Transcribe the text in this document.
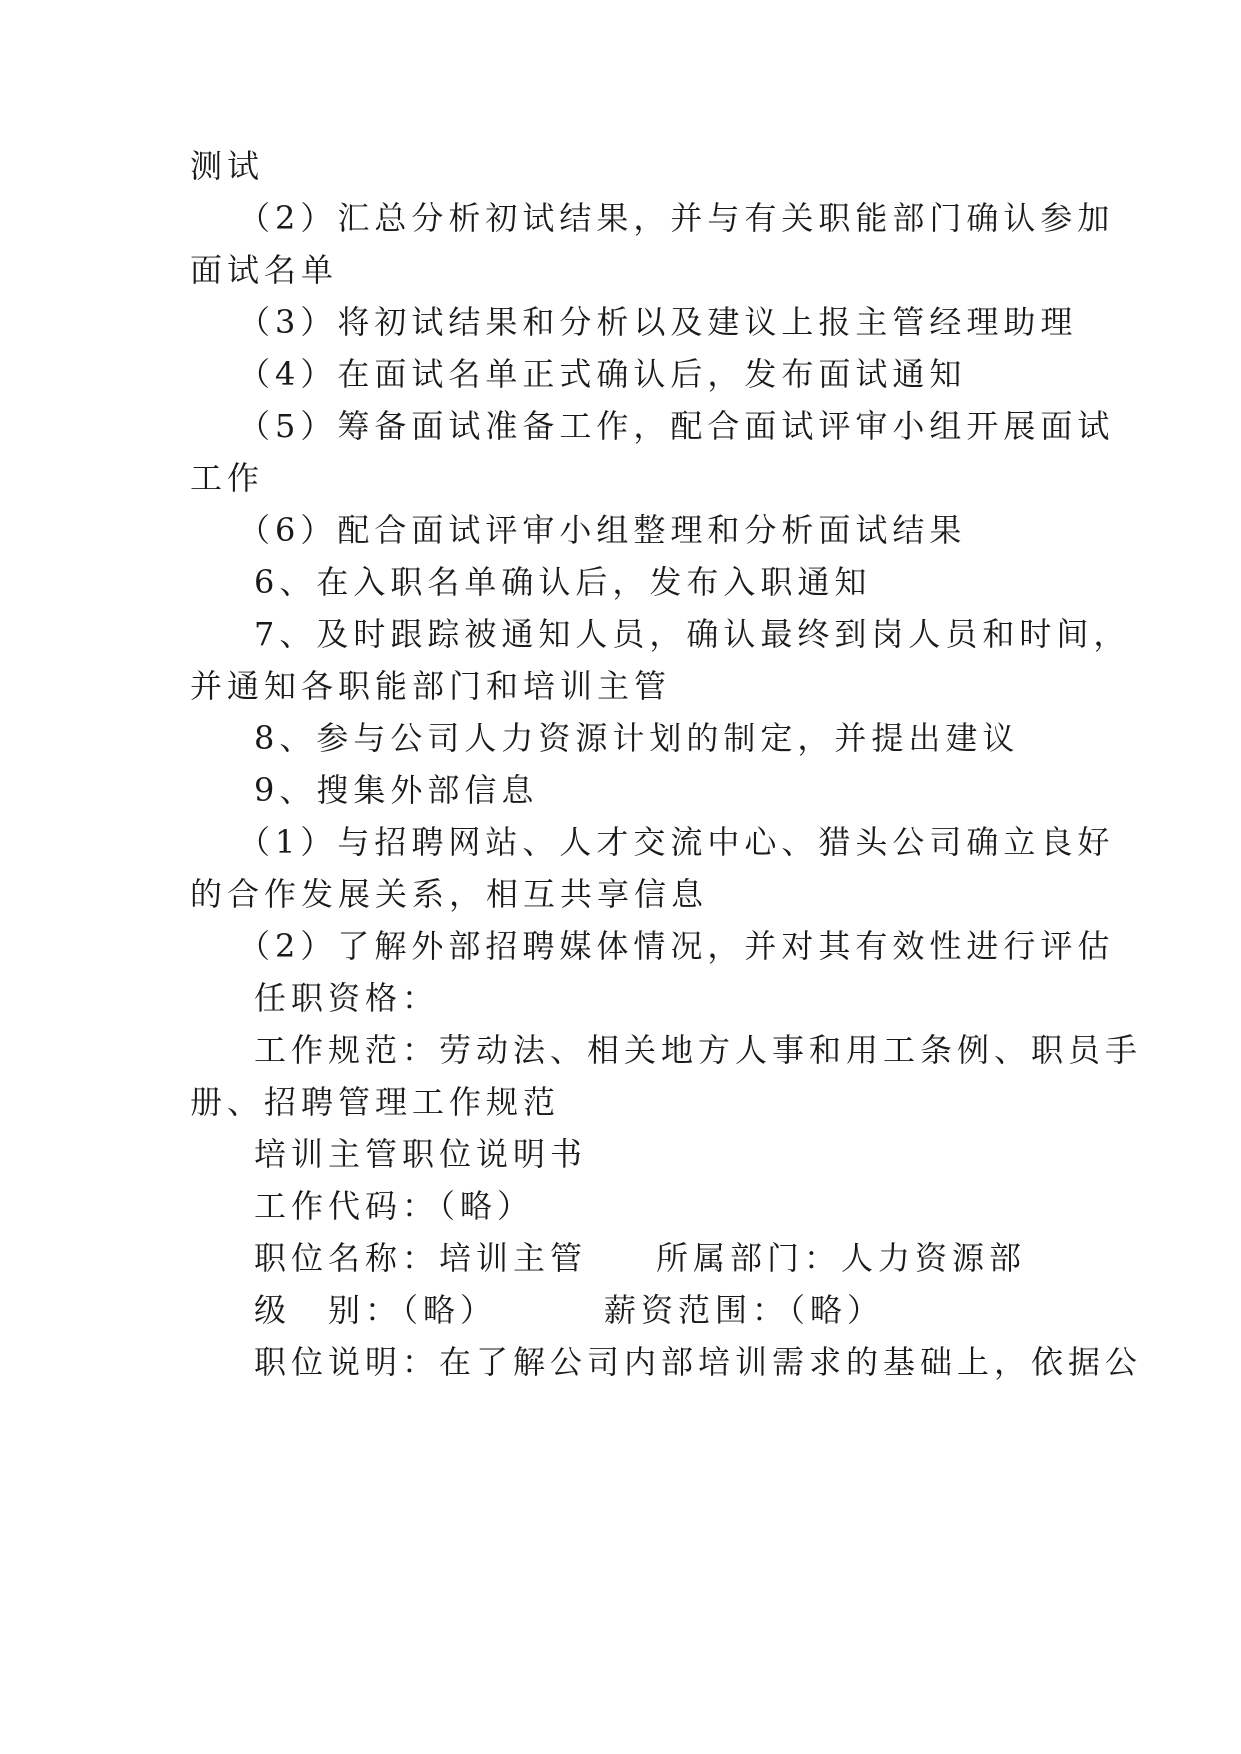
测试
（2）汇总分析初试结果，并与有关职能部门确认参加
面试名单
（3）将初试结果和分析以及建议上报主管经理助理
（4）在面试名单正式确认后，发布面试通知
（5）筹备面试准备工作，配合面试评审小组开展面试
工作
（6）配合面试评审小组整理和分析面试结果
6、在入职名单确认后，发布入职通知
7、及时跟踪被通知人员，确认最终到岗人员和时间，
并通知各职能部门和培训主管
8、参与公司人力资源计划的制定，并提出建议
9、搜集外部信息
（1）与招聘网站、人才交流中心、猎头公司确立良好
的合作发展关系，相互共享信息
（2）了解外部招聘媒体情况，并对其有效性进行评估
任职资格：
工作规范：劳动法、相关地方人事和用工条例、职员手
册、招聘管理工作规范
培训主管职位说明书
工作代码：（略）
职位名称：培训主管 所属部门：人力资源部
级　别：（略）	薪资范围：（略）
职位说明：在了解公司内部培训需求的基础上，依据公
